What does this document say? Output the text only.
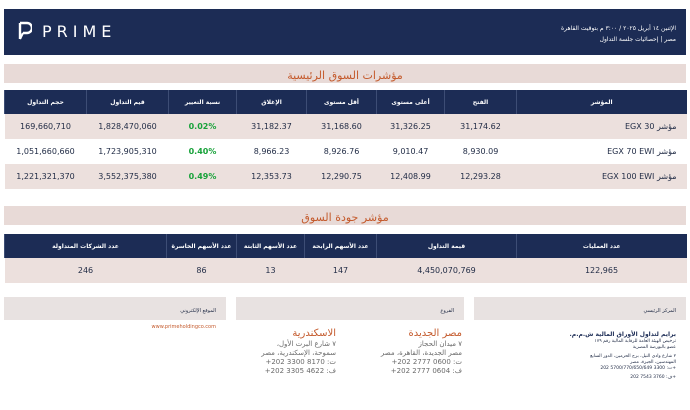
PRIME	الإثنين ١٤ أبريل ٢٠٢٥ / ٣:٠٠ م بتوقيت القاهرة
مصر | إحصائيات جلسة التداول
مؤشرات السوق الرئيسية
المؤشر	الفتح	أعلى مستوى	أقل مستوى	الإغلاق	نسبة التغيير	قيم التداول	حجم التداول
مؤشر EGX 30	31,174.62	31,326.25	31,168.60	31,182.37	0.02%	1,828,470,060	169,660,710
مؤشر EGX 70 EWI	8,930.09	9,010.47	8,926.76	8,966.23	0.40%	1,723,905,310	1,051,660,660
مؤشر EGX 100 EWI	12,293.28	12,408.99	12,290.75	12,353.73	0.49%	3,552,375,380	1,221,321,370
مؤشر جودة السوق
عدد العمليات	قيمة التداول	عدد الأسهم الرابحة	عدد الأسهم الثابتة	عدد الأسهم الخاسرة	عدد الشركات المتداولة
122,965	4,450,070,769	147	13	86	246
المركز الرئيسي
الفروع
الموقع الإلكتروني
www.primeholdingco.com
برايم لتداول الأوراق المالية ش.م.م.
ترخيص الهيئة العامة للرقابة المالية رقم ١٧٩
عضو بالبورصة المصرية
٢ شارع وادي النيل، برج الحرمين، الدور السابع
المهندسين، الجيزة، مصر
ت: 3300 5700/770/650/649 202+
ف: 3760 7543 202+
مصر الجديدة
٧ ميدان الحجاز
مصر الجديدة، القاهرة، مصر
ت: 0600 2777 202+
ف: 0604 2777 202+
الاسكندرية
٧ شارع البرت الأول،
سموحة، الإسكندرية، مصر
ت: 8170 3300 202+
ف: 4622 3305 202+
